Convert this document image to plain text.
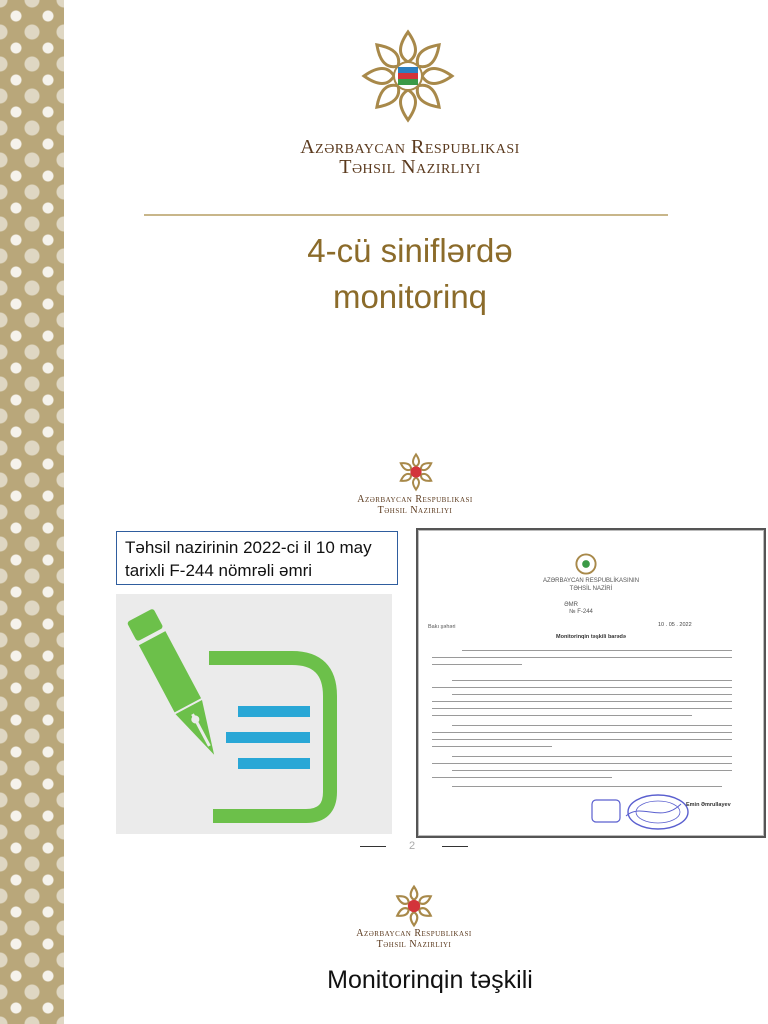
Azərbaycan Respublikası
Təhsil Nazirliyi
4-cü siniflərdə
monitorinq
Azərbaycan Respublikası
Təhsil Nazirliyi
Təhsil nazirinin 2022-ci il 10 may tarixli F-244 nömrəli əmri
AZƏRBAYCAN RESPUBLİKASININ
TƏHSİL NAZİRİ
ƏMR
№ F-244
Bakı şəhəri	10 . 05 . 2022
Monitorinqin təşkili barədə
Emin Əmrullayev
2
Azərbaycan Respublikası
Təhsil Nazirliyi
Monitorinqin təşkili
